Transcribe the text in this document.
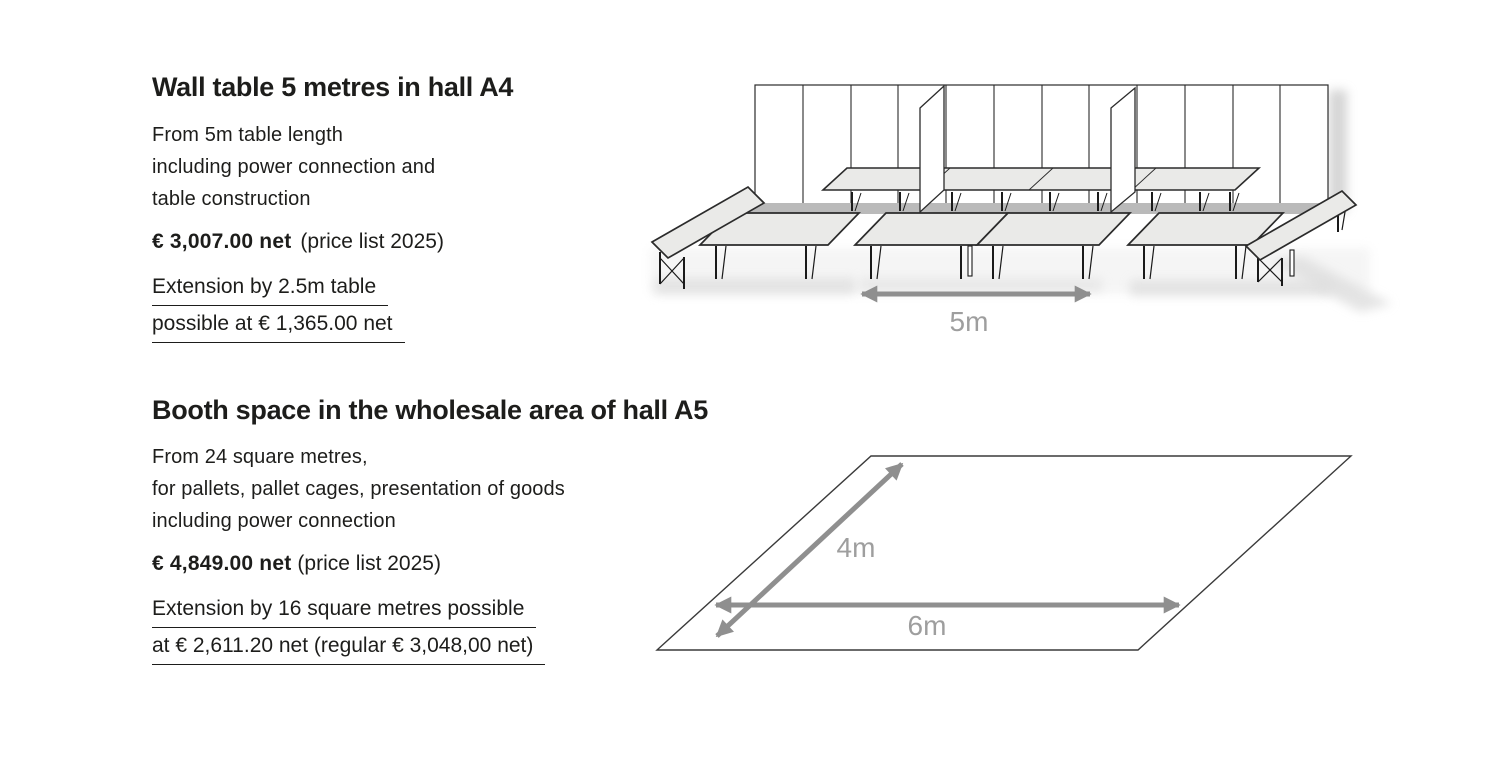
Wall table 5 metres in hall A4
From 5m table length
including power connection and
table construction
€ 3,007.00 net (price list 2025)
Extension by 2.5m table
possible at € 1,365.00 net	5m
Booth space in the wholesale area of hall A5
From 24 square metres,
for pallets, pallet cages, presentation of goods
including power connection
€ 4,849.00 net (price list 2025)
Extension by 16 square metres possible
at € 2,611.20 net (regular € 3,048,00 net)
4m
6m
